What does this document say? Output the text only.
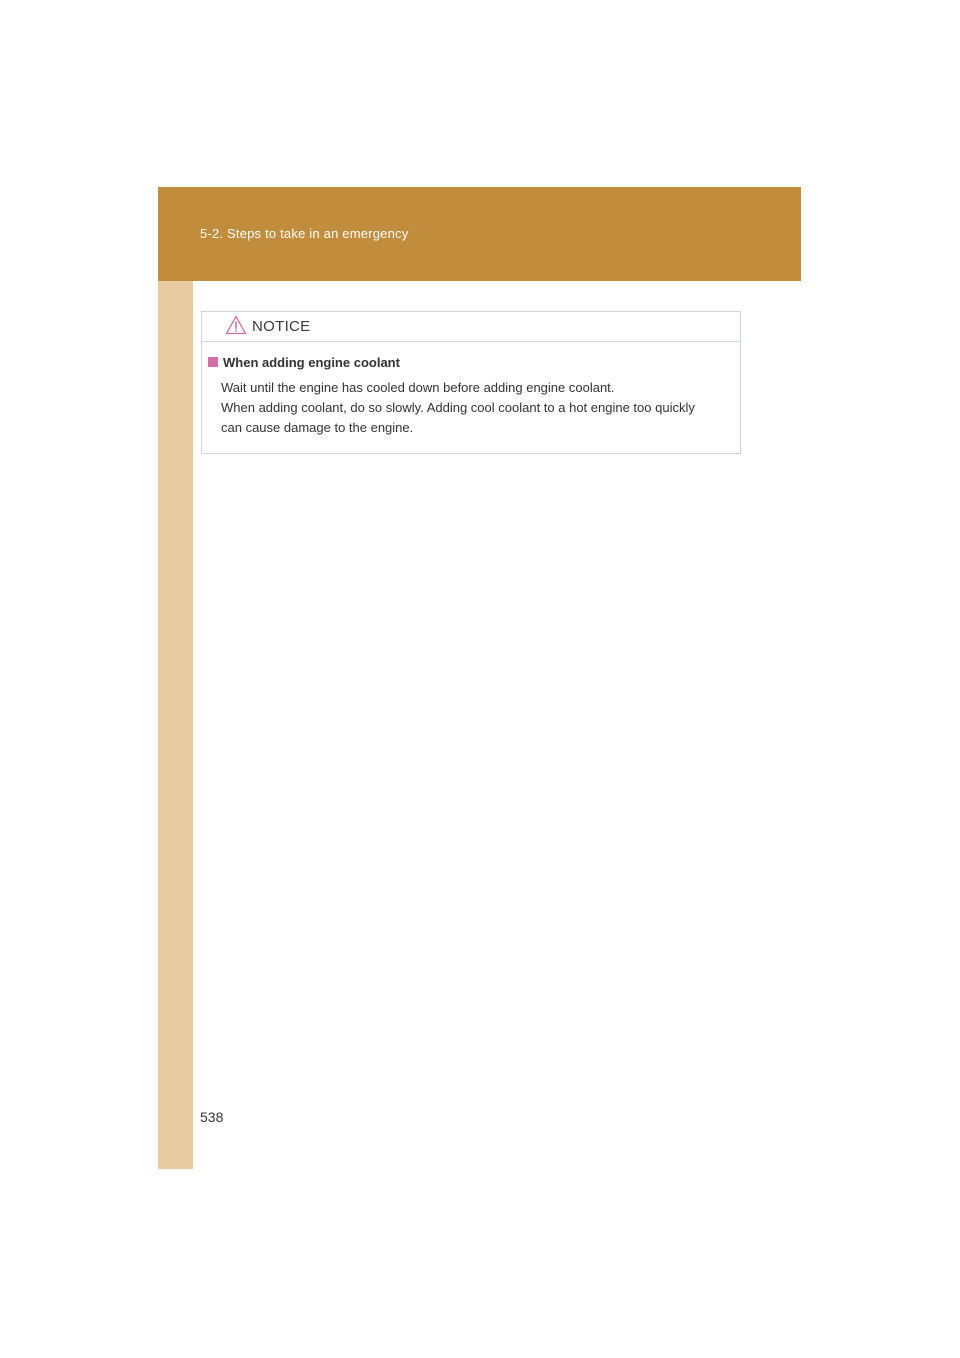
5-2. Steps to take in an emergency
NOTICE
When adding engine coolant

Wait until the engine has cooled down before adding engine coolant.

When adding coolant, do so slowly. Adding cool coolant to a hot engine too quickly

can cause damage to the engine.

538
